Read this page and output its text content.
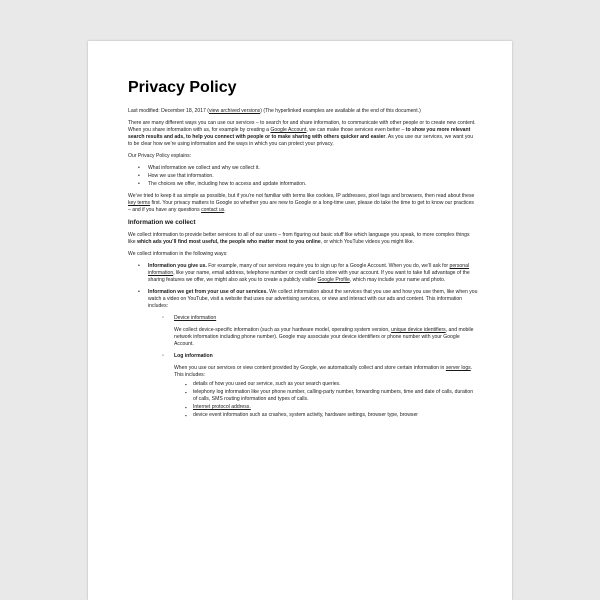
Privacy Policy

Last modified: December 18, 2017 (view archived versions) (The hyperlinked examples are available at the end of this document.)

There are many different ways you can use our services – to search for and share information, to communicate with other people or to create new content. When you share information with us, for example by creating a Google Account, we can make those services even better – to show you more relevant search results and ads, to help you connect with people or to make sharing with others quicker and easier. As you use our services, we want you to be clear how we’re using information and the ways in which you can protect your privacy.

Our Privacy Policy explains:

• What information we collect and why we collect it.
• How we use that information.
• The choices we offer, including how to access and update information.

We’ve tried to keep it as simple as possible, but if you’re not familiar with terms like cookies, IP addresses, pixel tags and browsers, then read about these key terms first. Your privacy matters to Google so whether you are new to Google or a long-time user, please do take the time to get to know our practices – and if you have any questions contact us.

Information we collect

We collect information to provide better services to all of our users – from figuring out basic stuff like which language you speak, to more complex things like which ads you’ll find most useful, the people who matter most to you online, or which YouTube videos you might like.

We collect information in the following ways:

• Information you give us. For example, many of our services require you to sign up for a Google Account. When you do, we’ll ask for personal information, like your name, email address, telephone number or credit card to store with your account. If you want to take full advantage of the sharing features we offer, we might also ask you to create a publicly visible Google Profile, which may include your name and photo.
• Information we get from your use of our services. We collect information about the services that you use and how you use them, like when you watch a video on YouTube, visit a website that uses our advertising services, or view and interact with our ads and content. This information includes:
◦ Device information
We collect device-specific information (such as your hardware model, operating system version, unique device identifiers, and mobile network information including phone number). Google may associate your device identifiers or phone number with your Google Account.
◦ Log information
When you use our services or view content provided by Google, we automatically collect and store certain information in server logs. This includes:
▪ details of how you used our service, such as your search queries.
▪ telephony log information like your phone number, calling-party number, forwarding numbers, time and date of calls, duration of calls, SMS routing information and types of calls.
▪ Internet protocol address.
▪ device event information such as crashes, system activity, hardware settings, browser type, browser
